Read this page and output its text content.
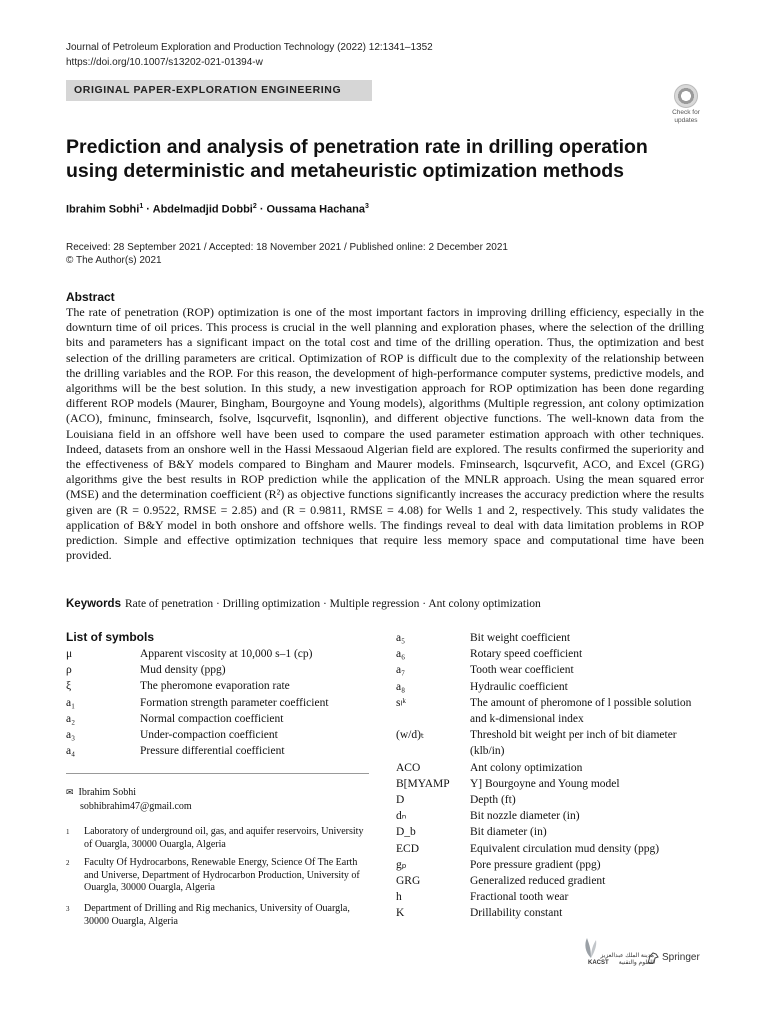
Journal of Petroleum Exploration and Production Technology (2022) 12:1341–1352
https://doi.org/10.1007/s13202-021-01394-w
ORIGINAL PAPER-EXPLORATION ENGINEERING
Check for
updates
Prediction and analysis of penetration rate in drilling operation using deterministic and metaheuristic optimization methods
Ibrahim Sobhi$^1$ · Abdelmadjid Dobbi$^2$ · Oussama Hachana$^3$
Received: 28 September 2021 / Accepted: 18 November 2021 / Published online: 2 December 2021
© The Author(s) 2021
Abstract
The rate of penetration (ROP) optimization is one of the most important factors in improving drilling efficiency, especially in the downturn time of oil prices. This process is crucial in the well planning and exploration phases, where the selection of the drilling bits and parameters has a significant impact on the total cost and time of the drilling operation. Thus, the optimization and best selection of the drilling parameters are critical. Optimization of ROP is difficult due to the complexity of the relationship between the drilling variables and the ROP. For this reason, the development of high-performance computer systems, predictive models, and algorithms will be the best solution. In this study, a new investigation approach for ROP optimization has been done regarding different ROP models (Maurer, Bingham, Bourgoyne and Young models), algorithms (Multiple regression, ant colony optimization (ACO), fminunc, fminsearch, fsolve, lsqcurvefit, lsqnonlin), and different objective functions. The well-known data from the Louisiana field in an offshore well have been used to compare the used parameter estimation approach with other techniques. Indeed, datasets from an onshore well in the Hassi Messaoud Algerian field are explored. The results confirmed the superiority and the effectiveness of B&Y models compared to Bingham and Maurer models. Fminsearch, lsqcurvefit, ACO, and Excel (GRG) algorithms give the best results in ROP prediction while the application of the MNLR approach. Using the mean squared error (MSE) and the determination coefficient (R²) as objective functions significantly increases the accuracy prediction where the results given are (R = 0.9522, RMSE = 2.85) and (R = 0.9811, RMSE = 4.08) for Wells 1 and 2, respectively. This study validates the application of B&Y model in both onshore and offshore wells. The findings reveal to deal with data limitation problems in ROP prediction. Simple and effective optimization techniques that require less memory space and computational time have been provided.
Keywords Rate of penetration · Drilling optimization · Multiple regression · Ant colony optimization
List of symbols
μ	Apparent viscosity at 10,000 s–1 (cp)
ρ	Mud density (ppg)
ξ	The pheromone evaporation rate
a₁	Formation strength parameter coefficient
a₂	Normal compaction coefficient
a₃	Under-compaction coefficient
a₄	Pressure differential coefficient
a₅	Bit weight coefficient
a₆	Rotary speed coefficient
a₇	Tooth wear coefficient
a₈	Hydraulic coefficient
sₗᵏ	The amount of pheromone of l possible solution and k-dimensional index
(w/d)ₜ	Threshold bit weight per inch of bit diameter (klb/in)
ACO	Ant colony optimization
B[MYAMP	Y] Bourgoyne and Young model
D	Depth (ft)
dₙ	Bit nozzle diameter (in)
D_b	Bit diameter (in)
ECD	Equivalent circulation mud density (ppg)
gₚ	Pore pressure gradient (ppg)
GRG	Generalized reduced gradient
h	Fractional tooth wear
K	Drillability constant
✉ Ibrahim Sobhi
sobhibrahim47@gmail.com
1 Laboratory of underground oil, gas, and aquifer reservoirs, University of Ouargla, 30000 Ouargla, Algeria
2 Faculty Of Hydrocarbons, Renewable Energy, Science Of The Earth and Universe, Department of Hydrocarbon Production, University of Ouargla, 30000 Ouargla, Algeria
3 Department of Drilling and Rig mechanics, University of Ouargla, 30000 Ouargla, Algeria
مدينة الملك عبدالعزيز للعلوم والتقنية
KACST	Springer
